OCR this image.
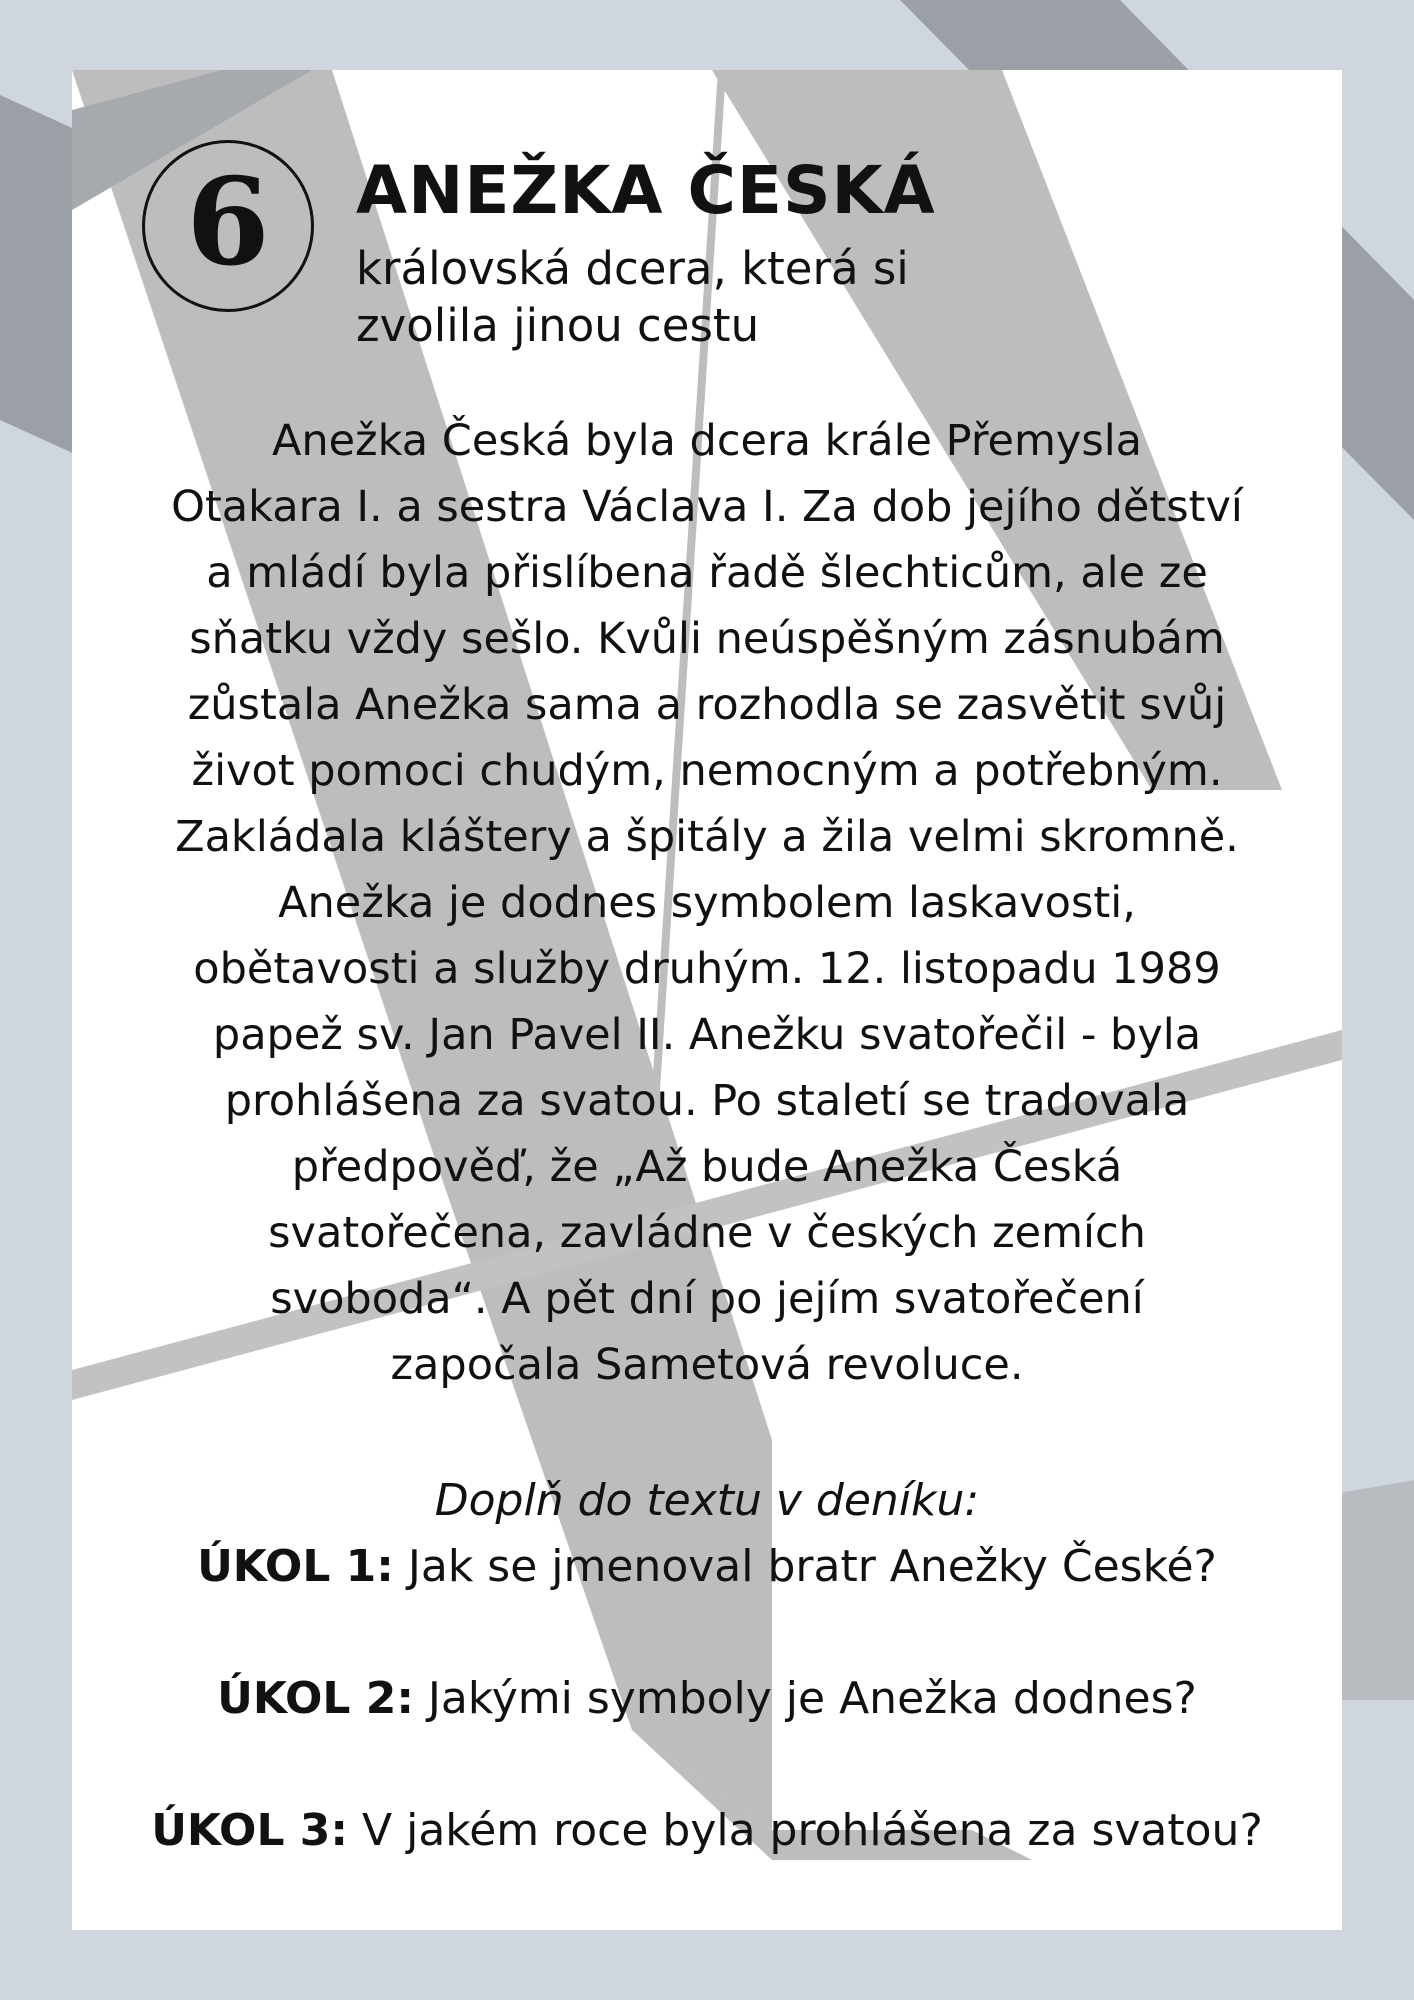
6 ANEŽKA ČESKÁ

královská dcera, která si zvolila jinou cestu

Anežka Česká byla dcera krále Přemysla
Otakara I. a sestra Václava I. Za dob jejího dětství
a mládí byla přislíbena řadě šlechticům, ale ze
sňatku vždy sešlo. Kvůli neúspěšným zásnubám
zůstala Anežka sama a rozhodla se zasvětit svůj
život pomoci chudým, nemocným a potřebným.
Zakládala kláštery a špitály a žila velmi skromně.
Anežka je dodnes symbolem laskavosti,
obětavosti a služby druhým. 12. listopadu 1989
papež sv. Jan Pavel II. Anežku svatořečil - byla
prohlášena za svatou. Po staletí se tradovala
předpověď, že „Až bude Anežka Česká
svatořečena, zavládne v českých zemích
svoboda“. A pět dní po jejím svatořečení
započala Sametová revoluce.
Doplň do textu v deníku:
ÚKOL 1: Jak se jmenoval bratr Anežky České?
ÚKOL 2: Jakými symboly je Anežka dodnes?
ÚKOL 3: V jakém roce byla prohlášena za svatou?
